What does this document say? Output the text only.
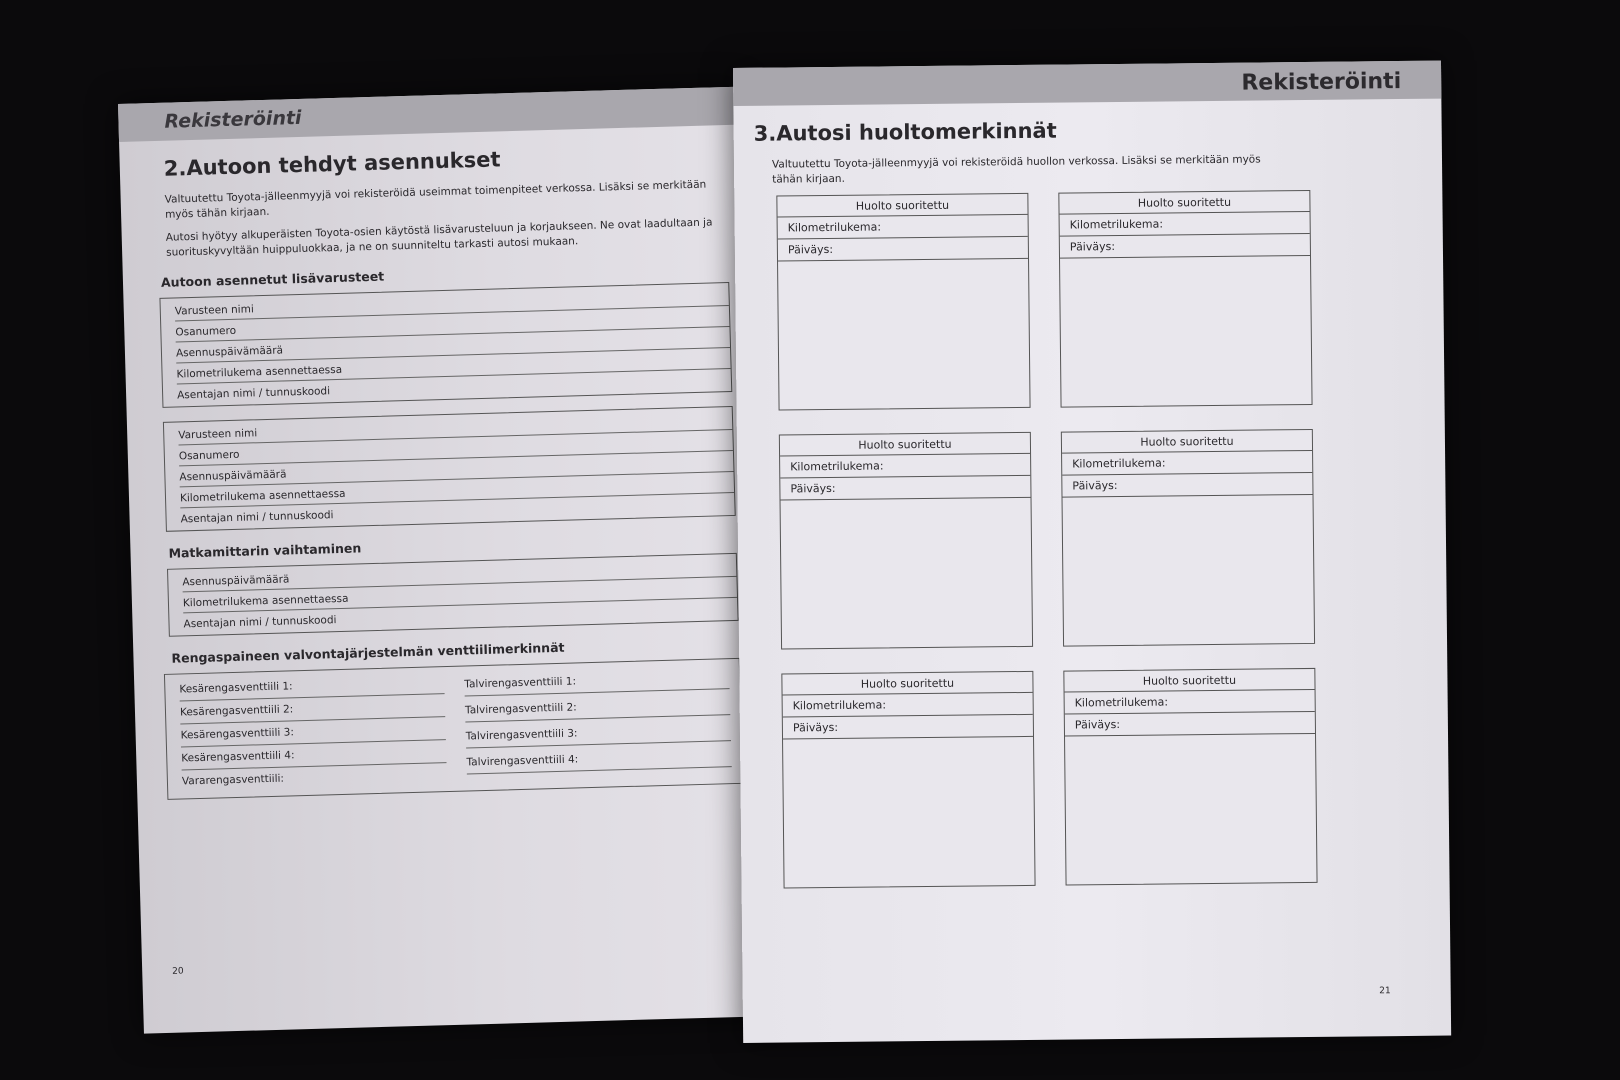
Rekisteröinti
2.Autoon tehdyt asennukset
Valtuutettu Toyota-jälleenmyyjä voi rekisteröidä useimmat toimenpiteet verkossa. Lisäksi se merkitään myös tähän kirjaan.
Autosi hyötyy alkuperäisten Toyota-osien käytöstä lisävarusteluun ja korjaukseen. Ne ovat laadultaan ja suorituskyvyltään huippuluokkaa, ja ne on suunniteltu tarkasti autosi mukaan.
Autoon asennetut lisävarusteet
Varusteen nimi
Osanumero
Asennuspäivämäärä
Kilometrilukema asennettaessa
Asentajan nimi / tunnuskoodi
Varusteen nimi
Osanumero
Asennuspäivämäärä
Kilometrilukema asennettaessa
Asentajan nimi / tunnuskoodi
Matkamittarin vaihtaminen
Asennuspäivämäärä
Kilometrilukema asennettaessa
Asentajan nimi / tunnuskoodi
Rengaspaineen valvontajärjestelmän venttiilimerkinnät
Kesärengasventtiili 1:
Kesärengasventtiili 2:
Kesärengasventtiili 3:
Kesärengasventtiili 4:
Vararengasventtiili:
Talvirengasventtiili 1:
Talvirengasventtiili 2:
Talvirengasventtiili 3:
Talvirengasventtiili 4:
20
Rekisteröinti
3.Autosi huoltomerkinnät
Valtuutettu Toyota-jälleenmyyjä voi rekisteröidä huollon verkossa. Lisäksi se merkitään myös tähän kirjaan.
Huolto suoritettu
Kilometrilukema:
Päiväys:
Huolto suoritettu
Kilometrilukema:
Päiväys:
Huolto suoritettu
Kilometrilukema:
Päiväys:
Huolto suoritettu
Kilometrilukema:
Päiväys:
Huolto suoritettu
Kilometrilukema:
Päiväys:
Huolto suoritettu
Kilometrilukema:
Päiväys:
21
